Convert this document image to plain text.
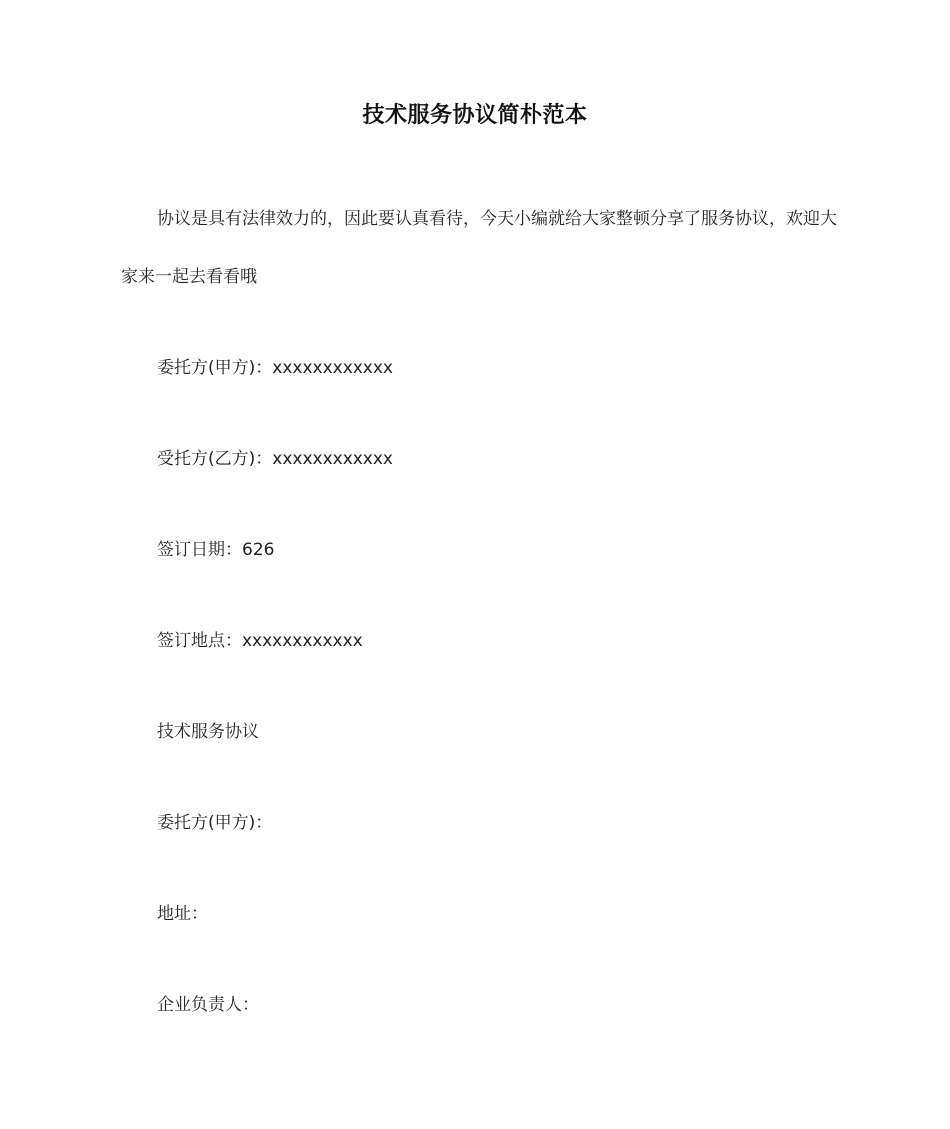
技术服务协议简朴范本

协议是具有法律效力的，因此要认真看待，今天小编就给大家整顿分享了服务协议，欢迎大家来一起去看看哦

委托方(甲方)：xxxxxxxxxxxx

受托方(乙方)：xxxxxxxxxxxx

签订日期：626

签订地点：xxxxxxxxxxxx

技术服务协议

委托方(甲方)：

地址：

企业负责人：
